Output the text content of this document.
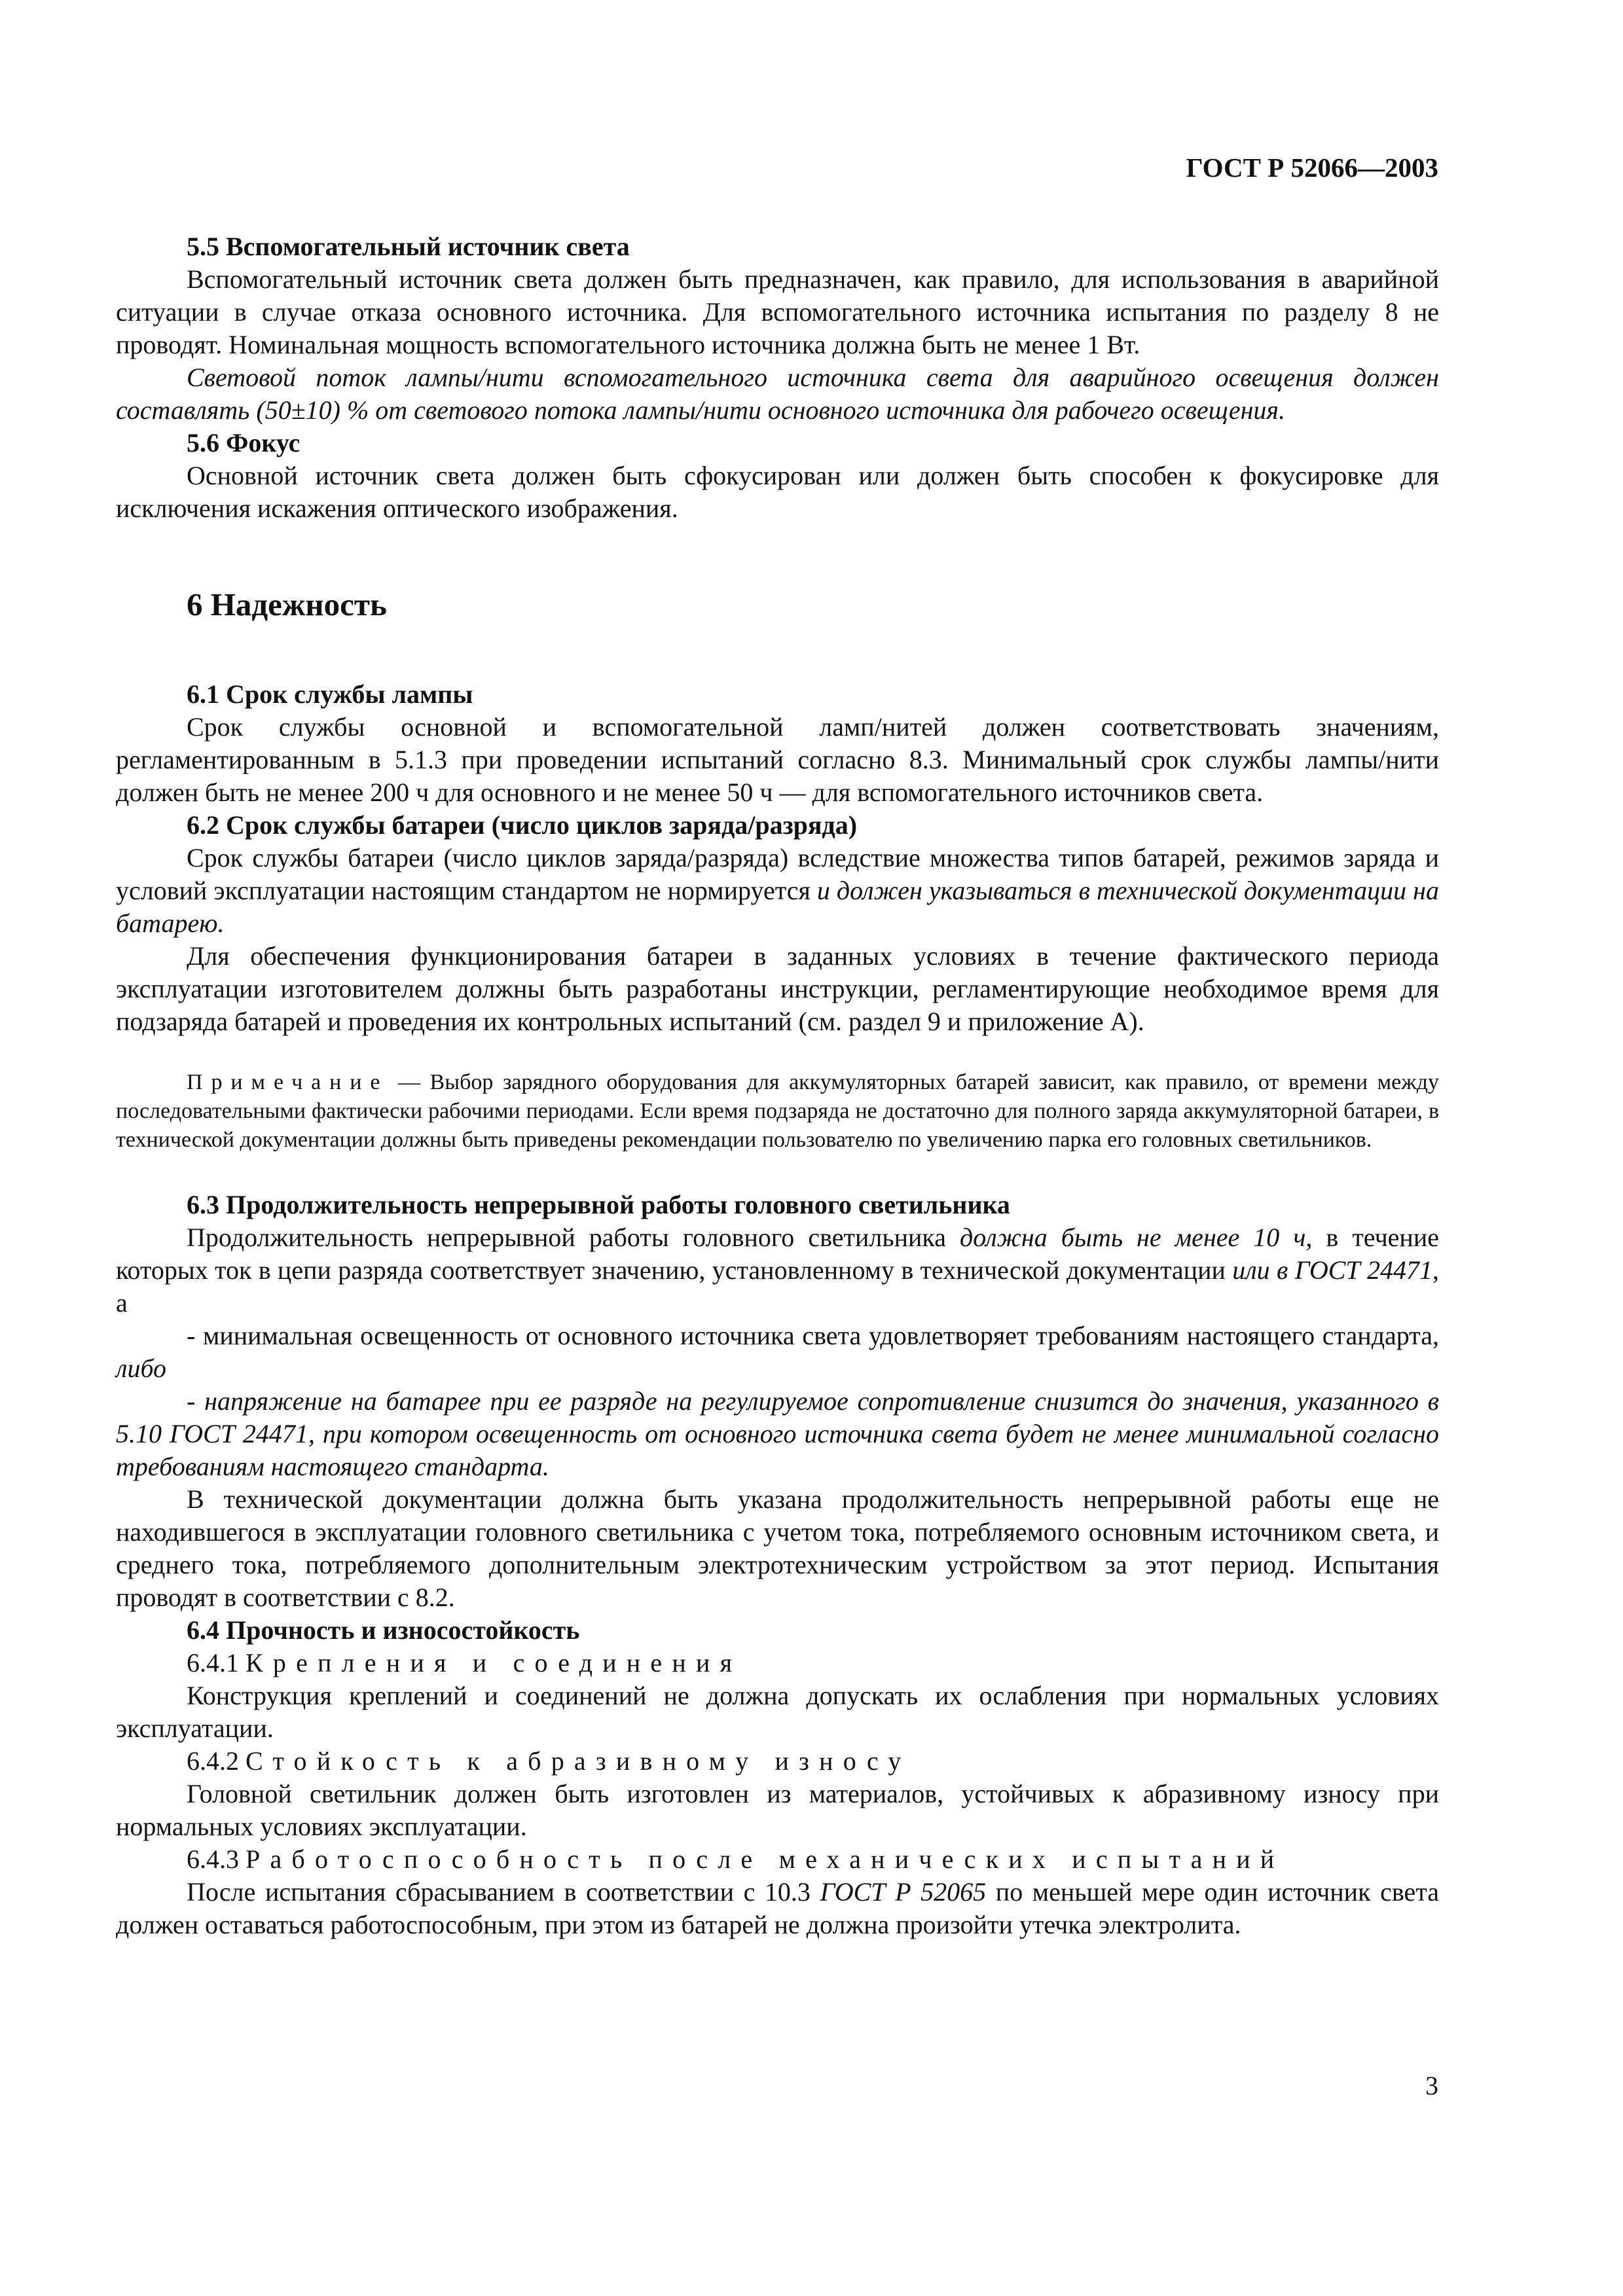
ГОСТ Р 52066—2003

5.5 Вспомогательный источник света

Вспомогательный источник света должен быть предназначен, как правило, для использования в аварийной ситуации в случае отказа основного источника. Для вспомогательного источника испытания по разделу 8 не проводят. Номинальная мощность вспомогательного источника должна быть не менее 1 Вт.

Световой поток лампы/нити вспомогательного источника света для аварийного освещения должен составлять (50±10) % от светового потока лампы/нити основного источника для рабочего освещения.

5.6 Фокус

Основной источник света должен быть сфокусирован или должен быть способен к фокусировке для исключения искажения оптического изображения.

6 Надежность

6.1 Срок службы лампы

Срок службы основной и вспомогательной ламп/нитей должен соответствовать значениям, регламентированным в 5.1.3 при проведении испытаний согласно 8.3. Минимальный срок службы лампы/нити должен быть не менее 200 ч для основного и не менее 50 ч — для вспомогательного источников света.

6.2 Срок службы батареи (число циклов заряда/разряда)

Срок службы батареи (число циклов заряда/разряда) вследствие множества типов батарей, режимов заряда и условий эксплуатации настоящим стандартом не нормируется и должен указываться в технической документации на батарею.

Для обеспечения функционирования батареи в заданных условиях в течение фактического периода эксплуатации изготовителем должны быть разработаны инструкции, регламентирующие необходимое время для подзаряда батарей и проведения их контрольных испытаний (см. раздел 9 и приложение А).

Примечание — Выбор зарядного оборудования для аккумуляторных батарей зависит, как правило, от времени между последовательными фактически рабочими периодами. Если время подзаряда не достаточно для полного заряда аккумуляторной батареи, в технической документации должны быть приведены рекомендации пользователю по увеличению парка его головных светильников.

6.3 Продолжительность непрерывной работы головного светильника

Продолжительность непрерывной работы головного светильника должна быть не менее 10 ч, в течение которых ток в цепи разряда соответствует значению, установленному в технической документации или в ГОСТ 24471, а

- минимальная освещенность от основного источника света удовлетворяет требованиям настоящего стандарта, либо

- напряжение на батарее при ее разряде на регулируемое сопротивление снизится до значения, указанного в 5.10 ГОСТ 24471, при котором освещенность от основного источника света будет не менее минимальной согласно требованиям настоящего стандарта.

В технической документации должна быть указана продолжительность непрерывной работы еще не находившегося в эксплуатации головного светильника с учетом тока, потребляемого основным источником света, и среднего тока, потребляемого дополнительным электротехническим устройством за этот период. Испытания проводят в соответствии с 8.2.

6.4 Прочность и износостойкость

6.4.1 Крепления и соединения

Конструкция креплений и соединений не должна допускать их ослабления при нормальных условиях эксплуатации.

6.4.2 Стойкость к абразивному износу

Головной светильник должен быть изготовлен из материалов, устойчивых к абразивному износу при нормальных условиях эксплуатации.

6.4.3 Работоспособность после механических испытаний

После испытания сбрасыванием в соответствии с 10.3 ГОСТ Р 52065 по меньшей мере один источник света должен оставаться работоспособным, при этом из батарей не должна произойти утечка электролита.

3
